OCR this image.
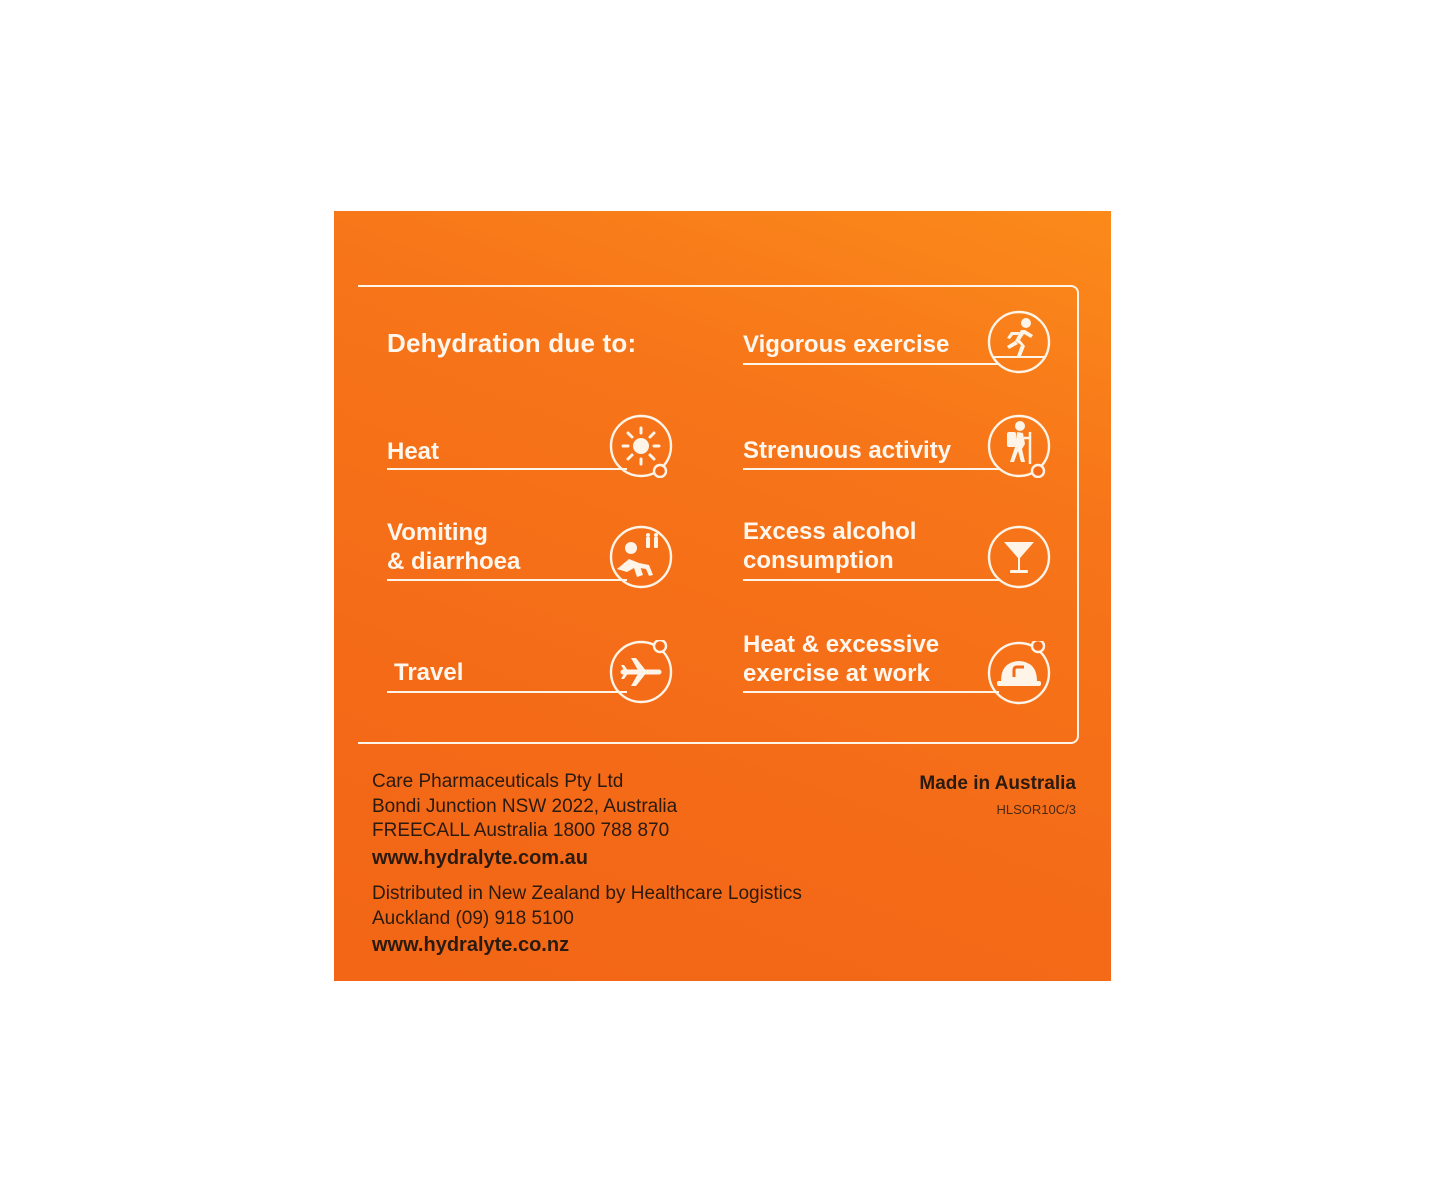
Dehydration due to:
Heat
Vomiting
& diarrhoea
Travel
Vigorous exercise
Strenuous activity
Excess alcohol
consumption
Heat & excessive
exercise at work
Care Pharmaceuticals Pty Ltd
Bondi Junction NSW 2022, Australia
FREECALL Australia 1800 788 870
www.hydralyte.com.au
Distributed in New Zealand by Healthcare Logistics
Auckland (09) 918 5100
www.hydralyte.co.nz
Made in Australia
HLSOR10C/3
